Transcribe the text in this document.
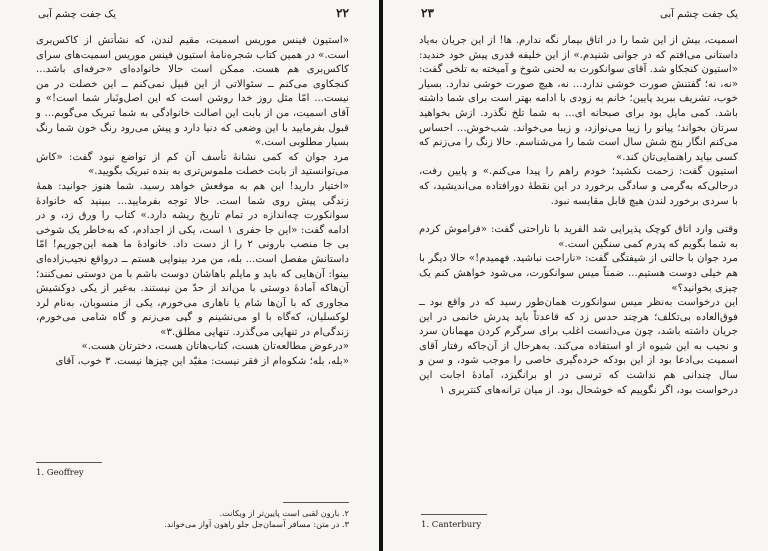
۲۲
یک جفت چشم آبی

«استیون فینس موریس اسمیت، مقیم لندن، که نشأتش از کاکس‌بری است.» در همین کتاب شجره‌نامهٔ استیون فینس موریس اسمیت‌های سرای کاکس‌بری هم هست. ممکن است حالا خانواده‌ای «حرفه‌ای باشد... کنجکاوی می‌کنم ــ سئوالاتی از این قبیل نمی‌کنم ــ این خصلت در من نیست... امّا مثل روز خدا روشن است که این اصل‌ونَبار شما است!» و آقای اسمیت، من از بابت این اصالت خانوادگی به شما تبریک می‌گویم... و قبول بفرمایید با این وضعی که دنیا دارد و پیش می‌رود رنگ خون شما رنگ بسیار مطلوبی است.»

مرد جوان که کمی نشانهٔ تأسف آن کم از تواضع نبود گفت: «کاش می‌توانستید از بابت خصلت ملموس‌تری به بنده تبریک بگویید.»

«اختیار دارید! این هم به موقعش خواهد رسید. شما هنوز جوانید: همهٔ زندگی پیش روی شما است. حالا توجه بفرمایید... ببینید که خانوادهٔ سوانکورت چه‌اندازه در تمام تاریخ ریشه دارد.» کتاب را ورق زد، و در ادامه گفت: «این جا جفری ۱ است، یکی از اجدادم، که به‌خاطر یک شوخی بی جا منصب بارونی ۲ را از دست داد. خانوادهٔ ما همه این‌جوریم! امّا داستانش مفصل است... بله، من مرد بینوایی هستم ــ درواقع نجیب‌زاده‌ای بینوا: آن‌هایی که باید و مایلم باهاشان دوست باشم با من دوستی نمی‌کنند؛ آن‌هاکه آمادهٔ دوستی با من‌اند از حدّ من نیستند. به‌غیر از یکی دوکشیش مجاوری که با آن‌ها شام یا ناهاری می‌خورم، یکی از منسوبان، به‌نام لرد لوکسلیان، که‌گاه با او می‌نشینم و گپی می‌زنم و گاه شامی می‌خورم، زندگی‌ام در تنهایی می‌گذرد. تنهایی مطلق.۳»

«درعوض مطالعه‌تان هست، کتاب‌هاتان هست، دخترتان هست.»

«بله، بله؛ شکوه‌ام از فقر نیست: مفیّد این چیزها نیست. ۳ خوب، آقای

1. Geoffrey
۲. بارون لقبی است پایین‌تر از ویکانت.
۳. در متن: مسافر آسمان‌جل جلو راهون آواز می‌خواند.
۲۳	یک جفت چشم آبی

اسمیت، بیش از این شما را در اتاق بیمار نگه ندارم. ها! از این جریان به‌یاد داستانی می‌افتم که در جوانی شنیدم.» از این خلیفه قدری پیش خود خندید: «استیون کنجکاو شد. آقای سوانکورت به لحنی شوخ و آمیخته به تلخی گفت: «نه، نه؛ گفتنش صورت خوشی ندارد... نه، هیچ صورت خوشی ندارد. بسیار خوب، تشریف ببرید پایین؛ خانم به زودی با ادامه بهتر است برای شما داشته باشد. کمی مایل بود برای صبحانه ای... به شما تلخ نگذرد. ازش بخواهید سرتان بخواند؛ پیانو را زیبا می‌نوازد، و زیبا می‌خواند. شب‌خوش... احساس می‌کنم انگار بنج شش سال است شما را می‌شناسم. حالا زنگ را می‌زنم که کسی بیاید راهنمایی‌تان کند.»

استیون گفت: زحمت نکشید؛ خودم راهم را پیدا می‌کنم.» و پایین رفت، درحالی‌که به‌گرمی و سادگی برخورد در این نقطهٔ دورافتاده می‌اندیشید، که با سردی برخورد لندن هیچ قابل مقایسه نبود.

وقتی وارد اتاق کوچک پذیرایی شد الفرید با ناراحتی گفت: «فراموش کردم به شما بگویم که پدرم کمی سنگین است.»

مرد جوان با حالتی از شیفتگی گفت: «ناراحت نباشید. فهمیدم!» حالا دیگر با هم خیلی دوست هستیم... ضمناً میس سوانکورت، می‌شود خواهش کنم یک چیزی بخوانید؟»

این درخواست به‌نظر میس سوانکورت همان‌طور رسید که در واقع بود ــ فوق‌العاده بی‌تکلف؛ هرچند حدس زد که قاعدتاً باید پدرش خانمی در این جریان داشته باشد، چون می‌دانست اغلب برای سرگرم کردن مهمانان سرد و نجیب به این شیوه از او استفاده می‌کند. به‌هرحال از آن‌جاکه رفتار آقای اسمیت بی‌ادعا بود از این بودکه خرده‌گیری خاصی را موجب شود، و سن و سال چندانی هم نداشت که ترسی در او برانگیزد، آمادهٔ اجابت این درخواست بود، اگر نگوییم که خوشحال بود. از میان ترانه‌های کنتربری ۱

1. Canterbury
